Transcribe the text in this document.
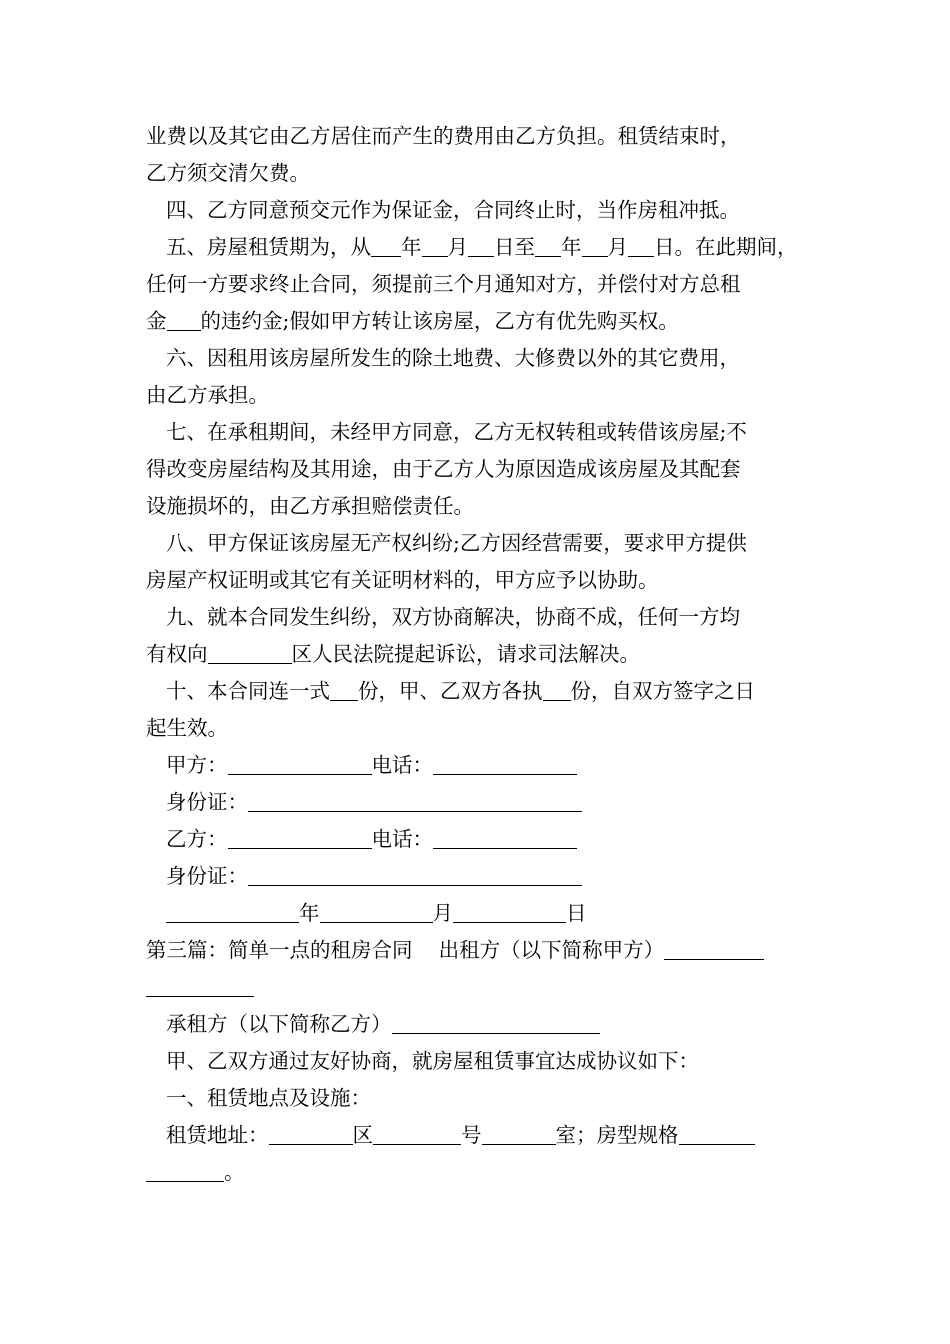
业费以及其它由乙方居住而产生的费用由乙方负担。租赁结束时，
乙方须交清欠费。
四、乙方同意预交元作为保证金，合同终止时，当作房租冲抵。
五、房屋租赁期为，从 年 月 日至 年 月 日。在此期间，
任何一方要求终止合同，须提前三个月通知对方，并偿付对方总租
金 的违约金;假如甲方转让该房屋，乙方有优先购买权。
六、因租用该房屋所发生的除土地费、大修费以外的其它费用，
由乙方承担。
七、在承租期间，未经甲方同意，乙方无权转租或转借该房屋;不
得改变房屋结构及其用途，由于乙方人为原因造成该房屋及其配套
设施损坏的，由乙方承担赔偿责任。
八、甲方保证该房屋无产权纠纷;乙方因经营需要，要求甲方提供
房屋产权证明或其它有关证明材料的，甲方应予以协助。
九、就本合同发生纠纷，双方协商解决，协商不成，任何一方均
有权向	区人民法院提起诉讼，请求司法解决。
十、本合同连一式 份，甲、乙双方各执 份，自双方签字之日
起生效。
甲方：	电话：
身份证：
乙方：	电话：
身份证：
年	月	日
第三篇：简单一点的租房合同 出租方（以下简称甲方）
承租方（以下简称乙方）
甲、乙双方通过友好协商，就房屋租赁事宜达成协议如下：
一、租赁地点及设施：
租赁地址：	区	号	室；房型规格
。
